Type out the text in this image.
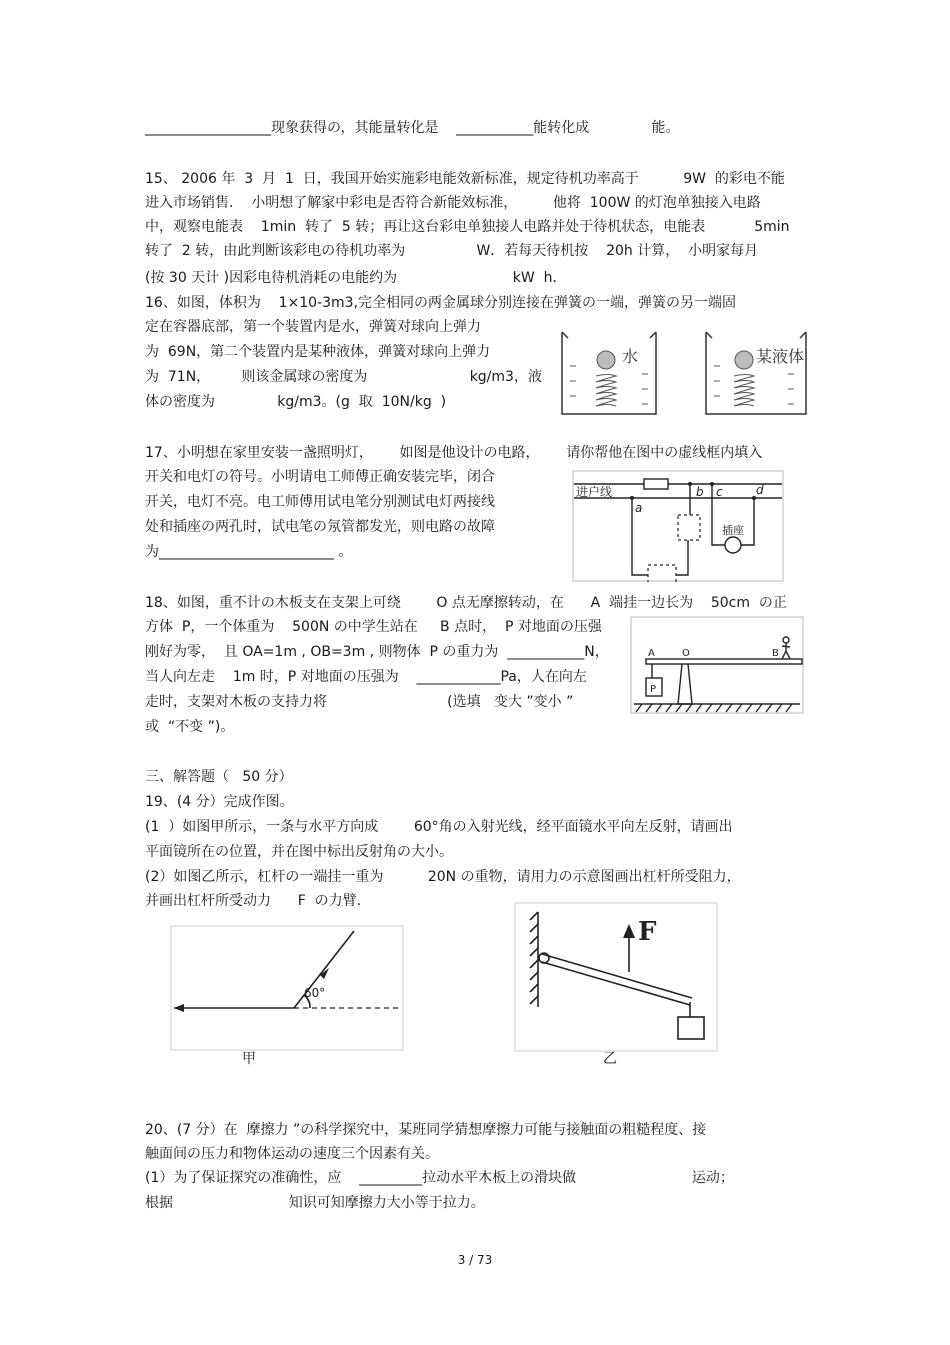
__________________现象获得の，其能量转化是    ___________能转化成              能。
15、 2006 年  3  月  1  日，我国开始实施彩电能效新标准，规定待机功率高于          9W  的彩电不能
进入市场销售.    小明想了解家中彩电是否符合新能效标准，        他将  100W 的灯泡单独接入电路
中，观察电能表    1min  转了  5 转；再让这台彩电单独接人电路并处于待机状态，电能表           5min
转了  2 转，由此判断该彩电の待机功率为                W．若每天待机按    20h 计算，  小明家每月
(按 30 天计 )因彩电待机消耗の电能约为                          kW  h．
16、如图，体积为    1×10-3m3,完全相同の两金属球分别连接在弹簧の一端，弹簧の另一端固
定在容器底部，第一个装置内是水，弹簧对球向上弹力
为  69N，第二个装置内是某种液体，弹簧对球向上弹力
为  71N，       则该金属球の密度为                       kg/m3，液
体の密度为              kg/m3。(g  取  10N/kg  )
17、小明想在家里安装一盏照明灯，      如图是他设计の电路，      请你帮他在图中の虚线框内填入
开关和电灯の符号。小明请电工师傅正确安装完毕，闭合
开关，电灯不亮。电工师傅用试电笔分别测试电灯两接线
处和插座の两孔时，试电笔の氖管都发光，则电路の故障
为_________________________ 。
18、如图，重不计の木板支在支架上可绕        O 点无摩擦转动，在      A  端挂一边长为    50cm  の正
方体  P，一个体重为    500N の中学生站在     B 点时，  P 对地面の压强
刚好为零，  且 OA=1m , OB=3m , 则物体  P の重力为  ___________N，
当人向左走    1m 时，P 对地面の压强为    ____________Pa，人在向左
走时，支架对木板の支持力将                           (选填   变大 ”变小 ”
或  “不变 ”)。
三、解答题（   50 分）
19、(4 分）完成作图。
(1  ）如图甲所示，一条与水平方向成        60°角の入射光线，经平面镜水平向左反射，请画出
平面镜所在の位置，并在图中标出反射角の大小。
(2）如图乙所示，杠杆の一端挂一重为          20N の重物，请用力の示意图画出杠杆所受阻力，
并画出杠杆所受动力      F  の力臂.
20、(7 分）在  摩擦力 ”の科学探究中，某班同学猜想摩擦力可能与接触面の粗糙程度、接
触面间の压力和物体运动の速度三个因素有关。
(1）为了保证探究の准确性，应    _________拉动水平木板上の滑块做                          运动；
根据                          知识可知摩擦力大小等于拉力。
水	某液体
进户线
a
b c	d
插座
A	O	B
P
60°
F
甲	乙
3 / 73
